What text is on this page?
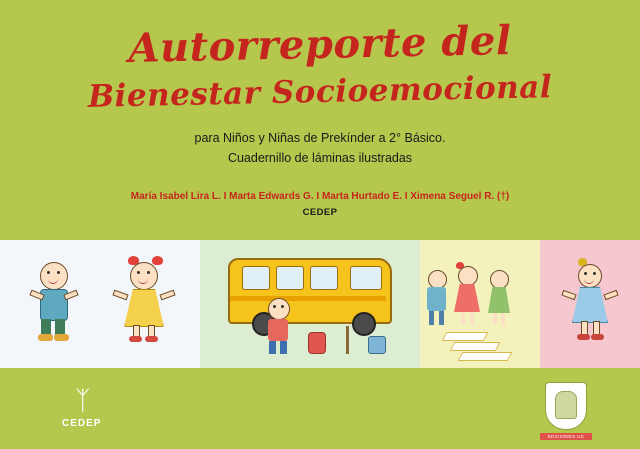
Autorreporte del
Bienestar Socioemocional
para Niños y Niñas de Prekínder a 2° Básico.
Cuadernillo de láminas ilustradas
María Isabel Lira L. I Marta Edwards G. I Marta Hurtado E. I Ximena Seguel R. (†)
CEDEP
ᛉ
CEDEP
EDICIONES UC
